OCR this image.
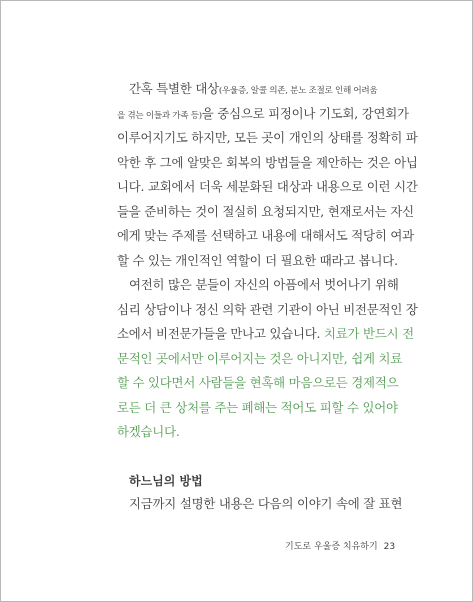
간혹 특별한 대상(우울증, 알콜 의존, 분노 조절로 인해 어려움
을 겪는 이들과 가족 등)을 중심으로 피정이나 기도회, 강연회가
이루어지기도 하지만, 모든 곳이 개인의 상태를 정확히 파
악한 후 그에 알맞은 회복의 방법들을 제안하는 것은 아닙
니다. 교회에서 더욱 세분화된 대상과 내용으로 이런 시간
들을 준비하는 것이 절실히 요청되지만, 현재로서는 자신
에게 맞는 주제를 선택하고 내용에 대해서도 적당히 여과
할 수 있는 개인적인 역할이 더 필요한 때라고 봅니다.
여전히 많은 분들이 자신의 아픔에서 벗어나기 위해
심리 상담이나 정신 의학 관련 기관이 아닌 비전문적인 장
소에서 비전문가들을 만나고 있습니다. 치료가 반드시 전
문적인 곳에서만 이루어지는 것은 아니지만, 쉽게 치료
할 수 있다면서 사람들을 현혹해 마음으로든 경제적으
로든 더 큰 상처를 주는 폐해는 적어도 피할 수 있어야
하겠습니다.
하느님의 방법
지금까지 설명한 내용은 다음의 이야기 속에 잘 표현
기도로 우울증 치유하기 23
